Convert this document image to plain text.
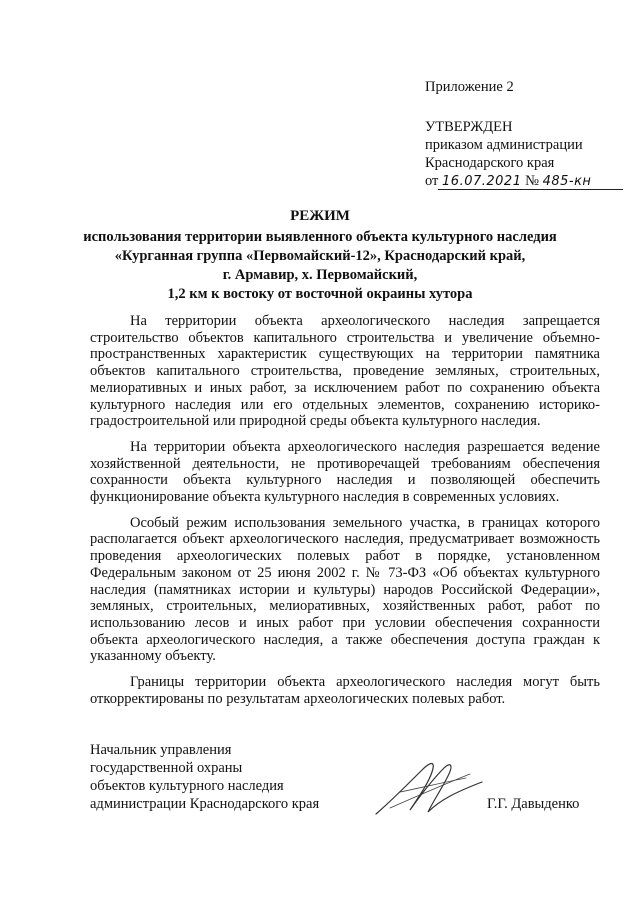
Приложение 2
УТВЕРЖДЕН
приказом администрации
Краснодарского края
от 16.07.2021 № 485-кн
РЕЖИМ
использования территории выявленного объекта культурного наследия
«Курганная группа «Первомайский-12», Краснодарский край,
г. Армавир, х. Первомайский,
1,2 км к востоку от восточной окраины хутора

На территории объекта археологического наследия запрещается строительство объектов капитального строительства и увеличение объемно-пространственных характеристик существующих на территории памятника объектов капитального строительства, проведение земляных, строительных, мелиоративных и иных работ, за исключением работ по сохранению объекта культурного наследия или его отдельных элементов, сохранению историко-градостроительной или природной среды объекта культурного наследия.

На территории объекта археологического наследия разрешается ведение хозяйственной деятельности, не противоречащей требованиям обеспечения сохранности объекта культурного наследия и позволяющей обеспечить функционирование объекта культурного наследия в современных условиях.

Особый режим использования земельного участка, в границах которого располагается объект археологического наследия, предусматривает возможность проведения археологических полевых работ в порядке, установленном Федеральным законом от 25 июня 2002 г. № 73-ФЗ «Об объектах культурного наследия (памятниках истории и культуры) народов Российской Федерации», земляных, строительных, мелиоративных, хозяйственных работ, работ по использованию лесов и иных работ при условии обеспечения сохранности объекта археологического наследия, а также обеспечения доступа граждан к указанному объекту.

Границы территории объекта археологического наследия могут быть откорректированы по результатам археологических полевых работ.

Начальник управления
государственной охраны
объектов культурного наследия
администрации Краснодарского края	Г.Г. Давыденко
